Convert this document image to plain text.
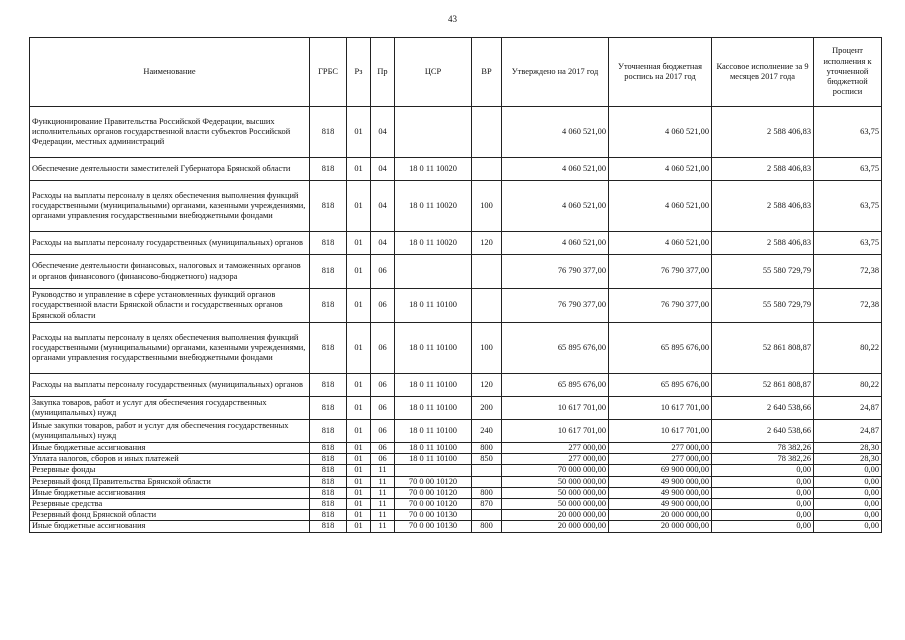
43
Наименование	ГРБС	Рз	Пр	ЦСР	ВР	Утверждено на 2017 год	Уточненная бюджетная роспись на 2017 год	Кассовое исполнение за 9 месяцев 2017 года	Процент исполнения к уточненной бюджетной росписи
Функционирование Правительства Российской Федерации, высших исполнительных органов государственной власти субъектов Российской Федерации, местных администраций	818	01	04			4 060 521,00	4 060 521,00	2 588 406,83	63,75
Обеспечение деятельности заместителей Губернатора Брянской области	818	01	04	18 0 11 10020		4 060 521,00	4 060 521,00	2 588 406,83	63,75
Расходы на выплаты персоналу в целях обеспечения выполнения функций государственными (муниципальными) органами, казенными учреждениями, органами управления государственными внебюджетными фондами	818	01	04	18 0 11 10020	100	4 060 521,00	4 060 521,00	2 588 406,83	63,75
Расходы на выплаты персоналу государственных (муниципальных) органов	818	01	04	18 0 11 10020	120	4 060 521,00	4 060 521,00	2 588 406,83	63,75
Обеспечение деятельности финансовых, налоговых и таможенных органов и органов финансового (финансово-бюджетного) надзора	818	01	06			76 790 377,00	76 790 377,00	55 580 729,79	72,38
Руководство и управление в сфере установленных функций органов государственной власти Брянской области и государственных органов Брянской области	818	01	06	18 0 11 10100		76 790 377,00	76 790 377,00	55 580 729,79	72,38
Расходы на выплаты персоналу в целях обеспечения выполнения функций государственными (муниципальными) органами, казенными учреждениями, органами управления государственными внебюджетными фондами	818	01	06	18 0 11 10100	100	65 895 676,00	65 895 676,00	52 861 808,87	80,22
Расходы на выплаты персоналу государственных (муниципальных) органов	818	01	06	18 0 11 10100	120	65 895 676,00	65 895 676,00	52 861 808,87	80,22
Закупка товаров, работ и услуг для обеспечения государственных (муниципальных) нужд	818	01	06	18 0 11 10100	200	10 617 701,00	10 617 701,00	2 640 538,66	24,87
Иные закупки товаров, работ и услуг для обеспечения государственных (муниципальных) нужд	818	01	06	18 0 11 10100	240	10 617 701,00	10 617 701,00	2 640 538,66	24,87
Иные бюджетные ассигнования	818	01	06	18 0 11 10100	800	277 000,00	277 000,00	78 382,26	28,30
Уплата налогов, сборов и иных платежей	818	01	06	18 0 11 10100	850	277 000,00	277 000,00	78 382,26	28,30
Резервные фонды	818	01	11			70 000 000,00	69 900 000,00	0,00	0,00
Резервный фонд Правительства Брянской области	818	01	11	70 0 00 10120		50 000 000,00	49 900 000,00	0,00	0,00
Иные бюджетные ассигнования	818	01	11	70 0 00 10120	800	50 000 000,00	49 900 000,00	0,00	0,00
Резервные средства	818	01	11	70 0 00 10120	870	50 000 000,00	49 900 000,00	0,00	0,00
Резервный фонд Брянской области	818	01	11	70 0 00 10130		20 000 000,00	20 000 000,00	0,00	0,00
Иные бюджетные ассигнования	818	01	11	70 0 00 10130	800	20 000 000,00	20 000 000,00	0,00	0,00
